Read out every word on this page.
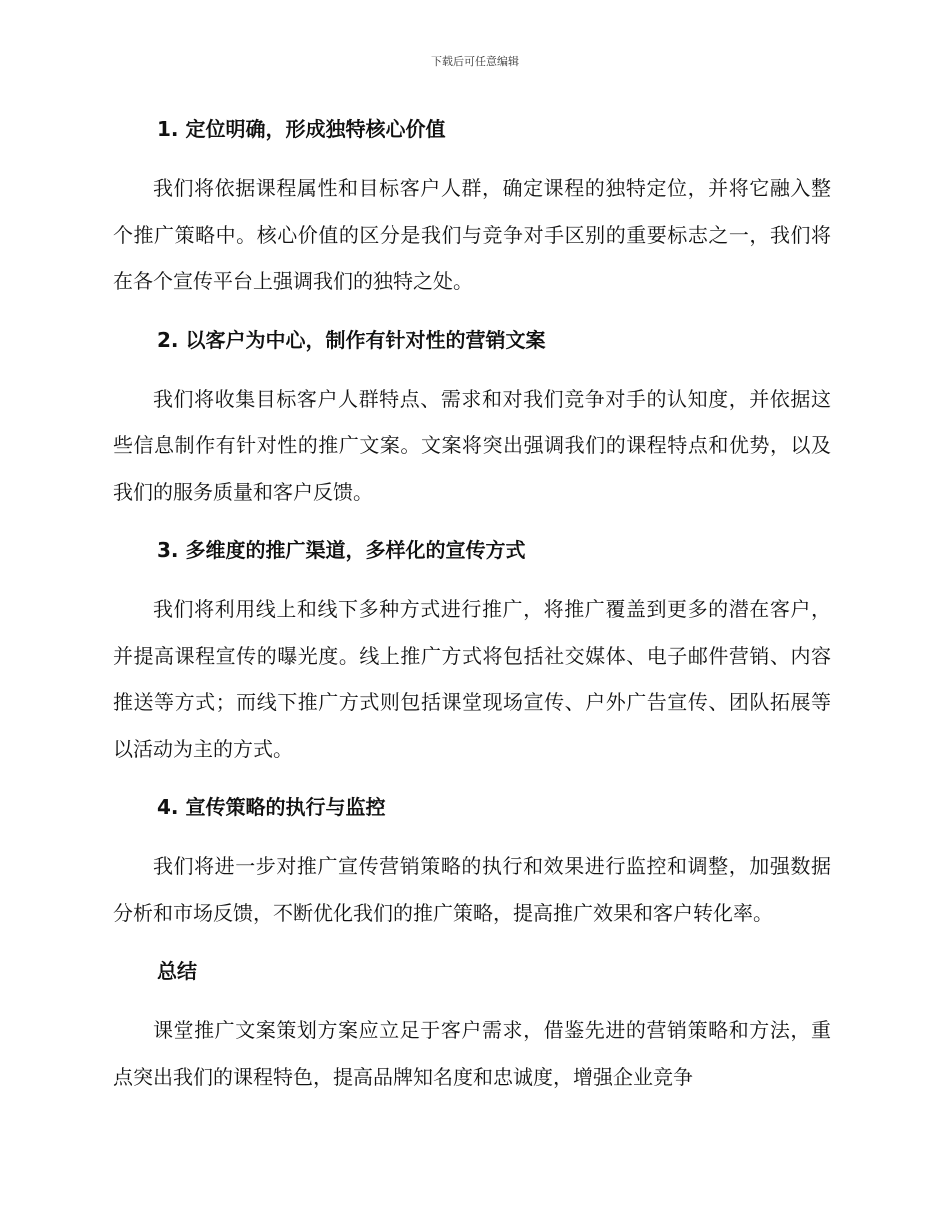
下载后可任意编辑
1. 定位明确，形成独特核心价值

我们将依据课程属性和目标客户人群，确定课程的独特定位，并将它融入整个推广策略中。核心价值的区分是我们与竞争对手区别的重要标志之一，我们将在各个宣传平台上强调我们的独特之处。

2. 以客户为中心，制作有针对性的营销文案

我们将收集目标客户人群特点、需求和对我们竞争对手的认知度，并依据这些信息制作有针对性的推广文案。文案将突出强调我们的课程特点和优势，以及我们的服务质量和客户反馈。

3. 多维度的推广渠道，多样化的宣传方式

我们将利用线上和线下多种方式进行推广，将推广覆盖到更多的潜在客户，并提高课程宣传的曝光度。线上推广方式将包括社交媒体、电子邮件营销、内容推送等方式；而线下推广方式则包括课堂现场宣传、户外广告宣传、团队拓展等以活动为主的方式。

4. 宣传策略的执行与监控

我们将进一步对推广宣传营销策略的执行和效果进行监控和调整，加强数据分析和市场反馈，不断优化我们的推广策略，提高推广效果和客户转化率。

总结

课堂推广文案策划方案应立足于客户需求，借鉴先进的营销策略和方法，重点突出我们的课程特色，提高品牌知名度和忠诚度，增强企业竞争
